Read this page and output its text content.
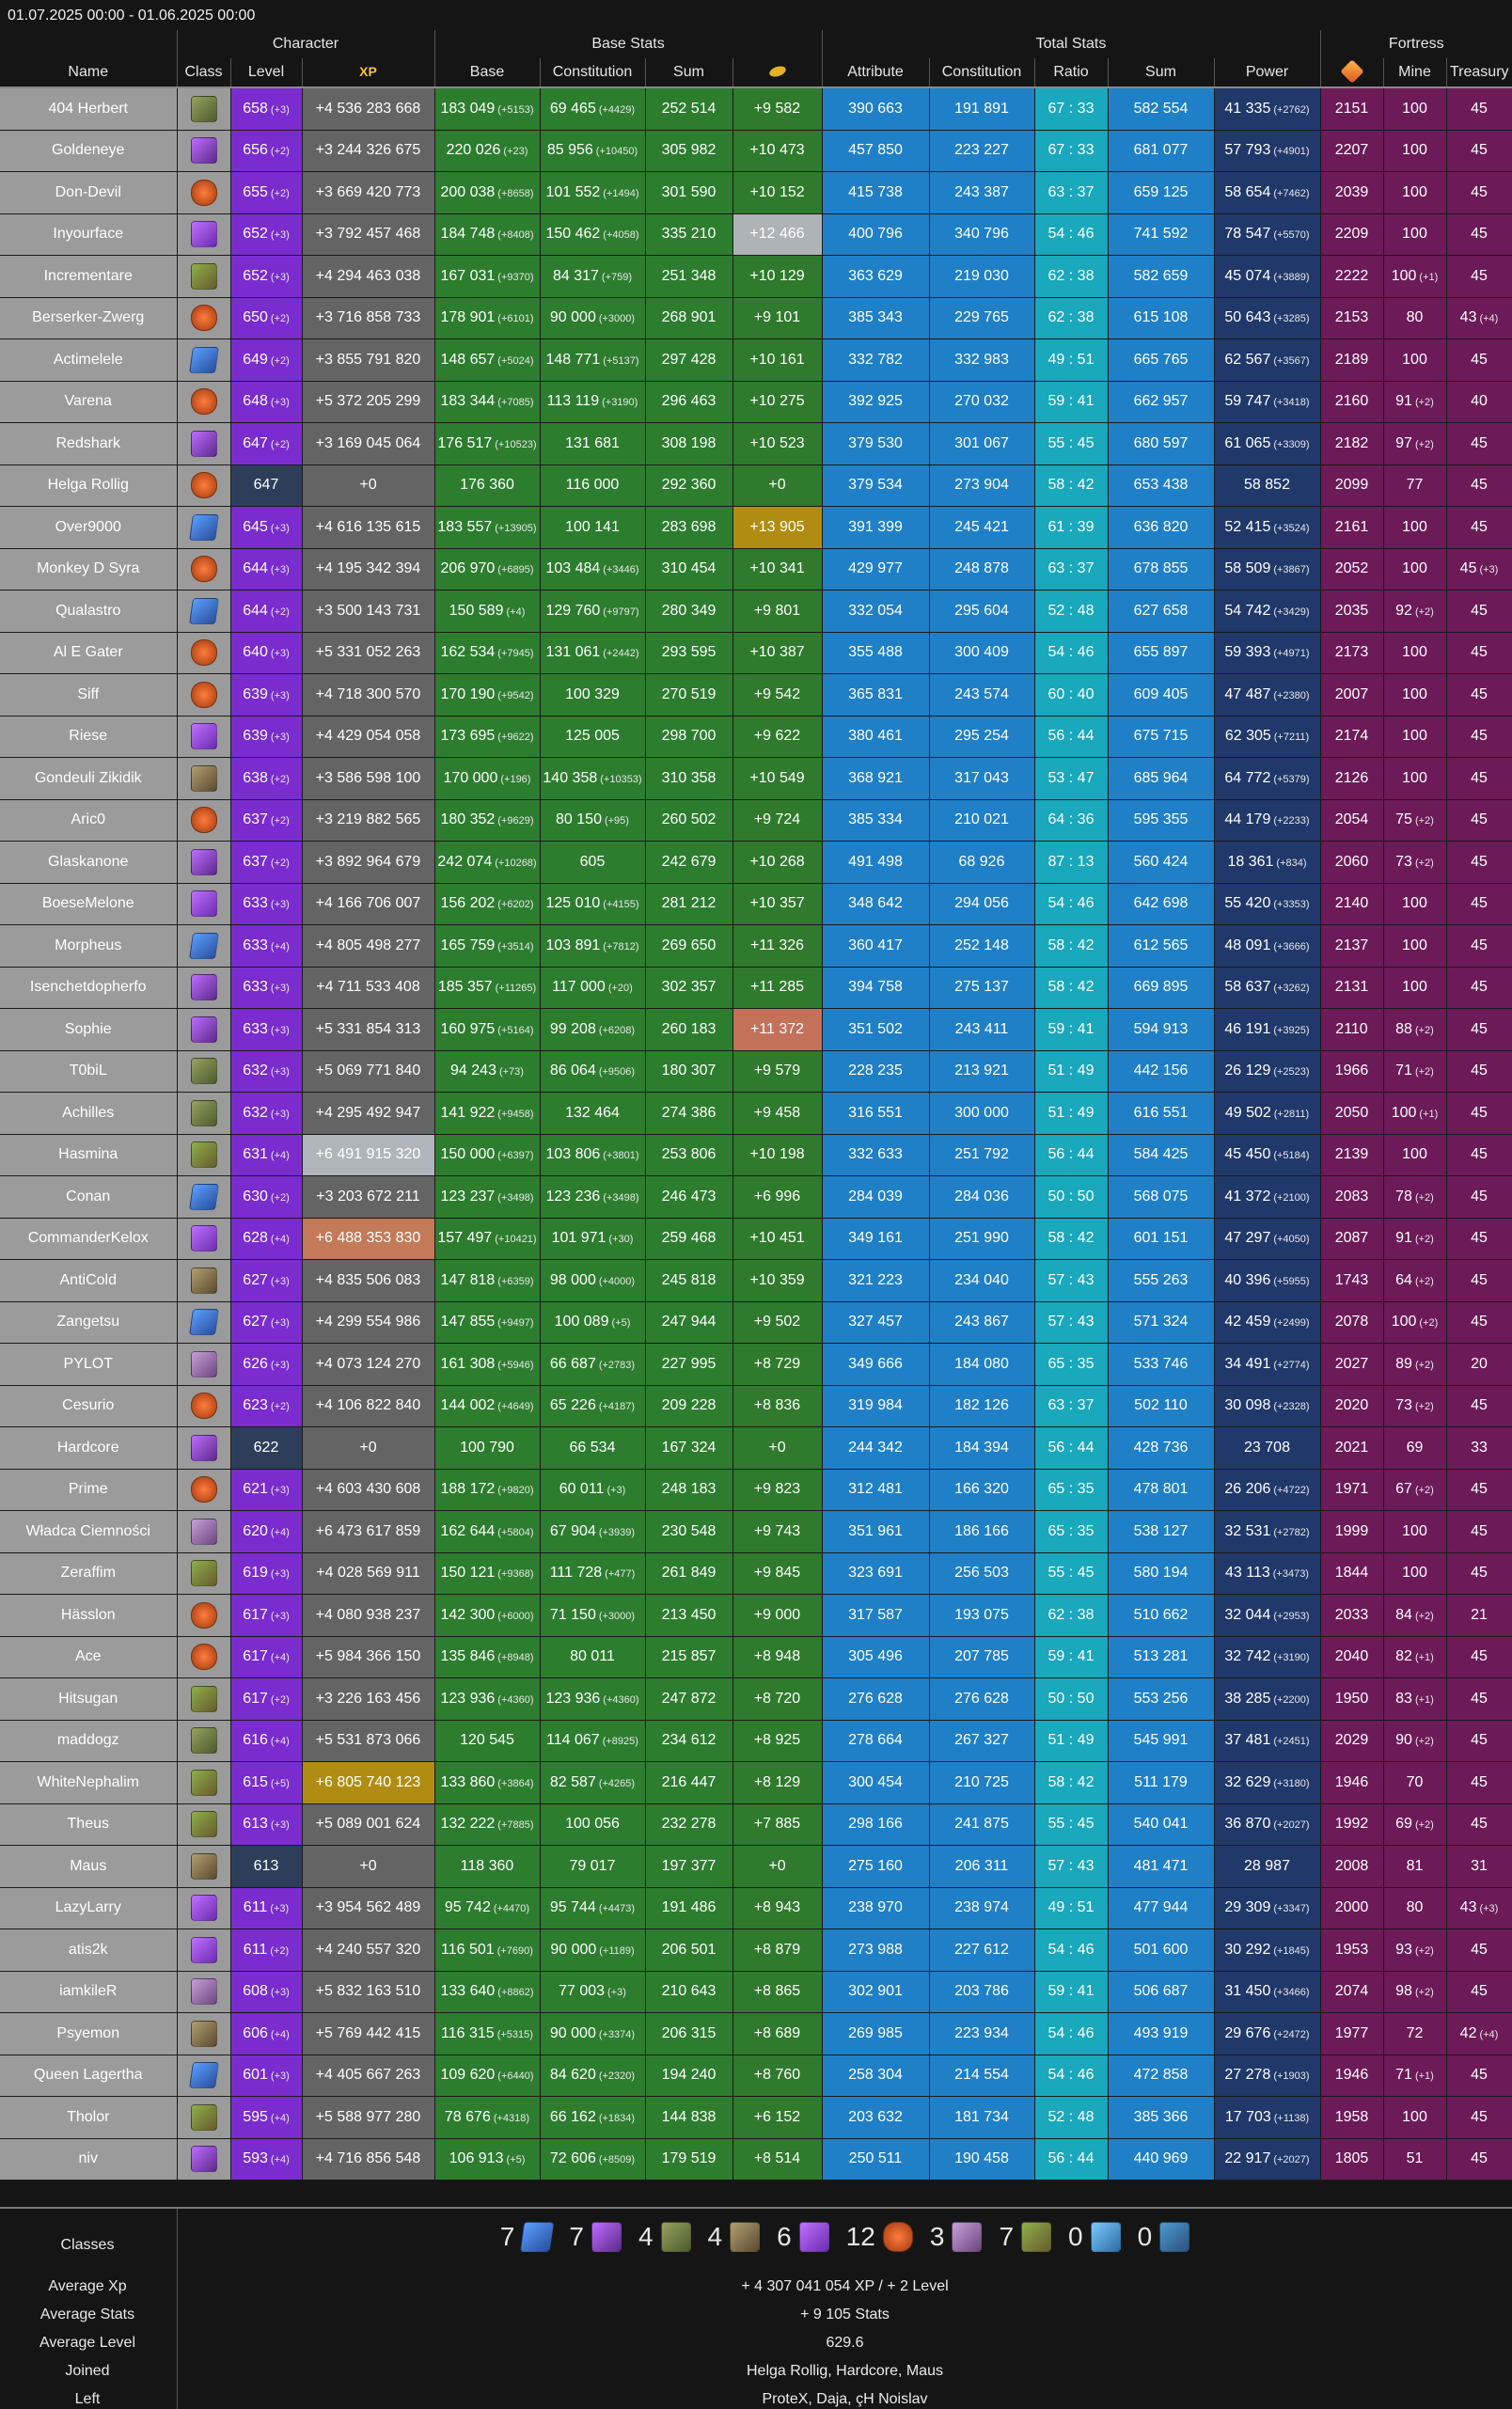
01.07.2025 00:00 - 01.06.2025 00:00
	Character			Base Stats				Total Stats					Fortress		
Name	Class	Level	XP	Base	Constitution	Sum		Attribute	Constitution	Ratio	Sum	Power		Mine	Treasury
404 Herbert		658 (+3)	+4 536 283 668	183 049 (+5153)	69 465 (+4429)	252 514	+9 582	390 663	191 891	67 : 33	582 554	41 335 (+2762)	2151	100	45
Goldeneye		656 (+2)	+3 244 326 675	220 026 (+23)	85 956 (+10450)	305 982	+10 473	457 850	223 227	67 : 33	681 077	57 793 (+4901)	2207	100	45
Don-Devil		655 (+2)	+3 669 420 773	200 038 (+8658)	101 552 (+1494)	301 590	+10 152	415 738	243 387	63 : 37	659 125	58 654 (+7462)	2039	100	45
Inyourface		652 (+3)	+3 792 457 468	184 748 (+8408)	150 462 (+4058)	335 210	+12 466	400 796	340 796	54 : 46	741 592	78 547 (+5570)	2209	100	45
Incrementare		652 (+3)	+4 294 463 038	167 031 (+9370)	84 317 (+759)	251 348	+10 129	363 629	219 030	62 : 38	582 659	45 074 (+3889)	2222	100 (+1)	45
Berserker-Zwerg		650 (+2)	+3 716 858 733	178 901 (+6101)	90 000 (+3000)	268 901	+9 101	385 343	229 765	62 : 38	615 108	50 643 (+3285)	2153	80	43 (+4)
Actimelele		649 (+2)	+3 855 791 820	148 657 (+5024)	148 771 (+5137)	297 428	+10 161	332 782	332 983	49 : 51	665 765	62 567 (+3567)	2189	100	45
Varena		648 (+3)	+5 372 205 299	183 344 (+7085)	113 119 (+3190)	296 463	+10 275	392 925	270 032	59 : 41	662 957	59 747 (+3418)	2160	91 (+2)	40
Redshark		647 (+2)	+3 169 045 064	176 517 (+10523)	131 681	308 198	+10 523	379 530	301 067	55 : 45	680 597	61 065 (+3309)	2182	97 (+2)	45
Helga Rollig		647	+0	176 360	116 000	292 360	+0	379 534	273 904	58 : 42	653 438	58 852	2099	77	45
Over9000		645 (+3)	+4 616 135 615	183 557 (+13905)	100 141	283 698	+13 905	391 399	245 421	61 : 39	636 820	52 415 (+3524)	2161	100	45
Monkey D Syra		644 (+3)	+4 195 342 394	206 970 (+6895)	103 484 (+3446)	310 454	+10 341	429 977	248 878	63 : 37	678 855	58 509 (+3867)	2052	100	45 (+3)
Qualastro		644 (+2)	+3 500 143 731	150 589 (+4)	129 760 (+9797)	280 349	+9 801	332 054	295 604	52 : 48	627 658	54 742 (+3429)	2035	92 (+2)	45
Al E Gater		640 (+3)	+5 331 052 263	162 534 (+7945)	131 061 (+2442)	293 595	+10 387	355 488	300 409	54 : 46	655 897	59 393 (+4971)	2173	100	45
Siff		639 (+3)	+4 718 300 570	170 190 (+9542)	100 329	270 519	+9 542	365 831	243 574	60 : 40	609 405	47 487 (+2380)	2007	100	45
Riese		639 (+3)	+4 429 054 058	173 695 (+9622)	125 005	298 700	+9 622	380 461	295 254	56 : 44	675 715	62 305 (+7211)	2174	100	45
Gondeuli Zikidik		638 (+2)	+3 586 598 100	170 000 (+196)	140 358 (+10353)	310 358	+10 549	368 921	317 043	53 : 47	685 964	64 772 (+5379)	2126	100	45
Aric0		637 (+2)	+3 219 882 565	180 352 (+9629)	80 150 (+95)	260 502	+9 724	385 334	210 021	64 : 36	595 355	44 179 (+2233)	2054	75 (+2)	45
Glaskanone		637 (+2)	+3 892 964 679	242 074 (+10268)	605	242 679	+10 268	491 498	68 926	87 : 13	560 424	18 361 (+834)	2060	73 (+2)	45
BoeseMelone		633 (+3)	+4 166 706 007	156 202 (+6202)	125 010 (+4155)	281 212	+10 357	348 642	294 056	54 : 46	642 698	55 420 (+3353)	2140	100	45
Morpheus		633 (+4)	+4 805 498 277	165 759 (+3514)	103 891 (+7812)	269 650	+11 326	360 417	252 148	58 : 42	612 565	48 091 (+3666)	2137	100	45
Isenchetdopherfo		633 (+3)	+4 711 533 408	185 357 (+11265)	117 000 (+20)	302 357	+11 285	394 758	275 137	58 : 42	669 895	58 637 (+3262)	2131	100	45
Sophie		633 (+3)	+5 331 854 313	160 975 (+5164)	99 208 (+6208)	260 183	+11 372	351 502	243 411	59 : 41	594 913	46 191 (+3925)	2110	88 (+2)	45
T0biL		632 (+3)	+5 069 771 840	94 243 (+73)	86 064 (+9506)	180 307	+9 579	228 235	213 921	51 : 49	442 156	26 129 (+2523)	1966	71 (+2)	45
Achilles		632 (+3)	+4 295 492 947	141 922 (+9458)	132 464	274 386	+9 458	316 551	300 000	51 : 49	616 551	49 502 (+2811)	2050	100 (+1)	45
Hasmina		631 (+4)	+6 491 915 320	150 000 (+6397)	103 806 (+3801)	253 806	+10 198	332 633	251 792	56 : 44	584 425	45 450 (+5184)	2139	100	45
Conan		630 (+2)	+3 203 672 211	123 237 (+3498)	123 236 (+3498)	246 473	+6 996	284 039	284 036	50 : 50	568 075	41 372 (+2100)	2083	78 (+2)	45
CommanderKelox		628 (+4)	+6 488 353 830	157 497 (+10421)	101 971 (+30)	259 468	+10 451	349 161	251 990	58 : 42	601 151	47 297 (+4050)	2087	91 (+2)	45
AntiCold		627 (+3)	+4 835 506 083	147 818 (+6359)	98 000 (+4000)	245 818	+10 359	321 223	234 040	57 : 43	555 263	40 396 (+5955)	1743	64 (+2)	45
Zangetsu		627 (+3)	+4 299 554 986	147 855 (+9497)	100 089 (+5)	247 944	+9 502	327 457	243 867	57 : 43	571 324	42 459 (+2499)	2078	100 (+2)	45
PYLOT		626 (+3)	+4 073 124 270	161 308 (+5946)	66 687 (+2783)	227 995	+8 729	349 666	184 080	65 : 35	533 746	34 491 (+2774)	2027	89 (+2)	20
Cesurio		623 (+2)	+4 106 822 840	144 002 (+4649)	65 226 (+4187)	209 228	+8 836	319 984	182 126	63 : 37	502 110	30 098 (+2328)	2020	73 (+2)	45
Hardcore		622	+0	100 790	66 534	167 324	+0	244 342	184 394	56 : 44	428 736	23 708	2021	69	33
Prime		621 (+3)	+4 603 430 608	188 172 (+9820)	60 011 (+3)	248 183	+9 823	312 481	166 320	65 : 35	478 801	26 206 (+4722)	1971	67 (+2)	45
Władca Ciemności		620 (+4)	+6 473 617 859	162 644 (+5804)	67 904 (+3939)	230 548	+9 743	351 961	186 166	65 : 35	538 127	32 531 (+2782)	1999	100	45
Zeraffim		619 (+3)	+4 028 569 911	150 121 (+9368)	111 728 (+477)	261 849	+9 845	323 691	256 503	55 : 45	580 194	43 113 (+3473)	1844	100	45
Hässlon		617 (+3)	+4 080 938 237	142 300 (+6000)	71 150 (+3000)	213 450	+9 000	317 587	193 075	62 : 38	510 662	32 044 (+2953)	2033	84 (+2)	21
Ace		617 (+4)	+5 984 366 150	135 846 (+8948)	80 011	215 857	+8 948	305 496	207 785	59 : 41	513 281	32 742 (+3190)	2040	82 (+1)	45
Hitsugan		617 (+2)	+3 226 163 456	123 936 (+4360)	123 936 (+4360)	247 872	+8 720	276 628	276 628	50 : 50	553 256	38 285 (+2200)	1950	83 (+1)	45
maddogz		616 (+4)	+5 531 873 066	120 545	114 067 (+8925)	234 612	+8 925	278 664	267 327	51 : 49	545 991	37 481 (+2451)	2029	90 (+2)	45
WhiteNephalim		615 (+5)	+6 805 740 123	133 860 (+3864)	82 587 (+4265)	216 447	+8 129	300 454	210 725	58 : 42	511 179	32 629 (+3180)	1946	70	45
Theus		613 (+3)	+5 089 001 624	132 222 (+7885)	100 056	232 278	+7 885	298 166	241 875	55 : 45	540 041	36 870 (+2027)	1992	69 (+2)	45
Maus		613	+0	118 360	79 017	197 377	+0	275 160	206 311	57 : 43	481 471	28 987	2008	81	31
LazyLarry		611 (+3)	+3 954 562 489	95 742 (+4470)	95 744 (+4473)	191 486	+8 943	238 970	238 974	49 : 51	477 944	29 309 (+3347)	2000	80	43 (+3)
atis2k		611 (+2)	+4 240 557 320	116 501 (+7690)	90 000 (+1189)	206 501	+8 879	273 988	227 612	54 : 46	501 600	30 292 (+1845)	1953	93 (+2)	45
iamkileR		608 (+3)	+5 832 163 510	133 640 (+8862)	77 003 (+3)	210 643	+8 865	302 901	203 786	59 : 41	506 687	31 450 (+3466)	2074	98 (+2)	45
Psyemon		606 (+4)	+5 769 442 415	116 315 (+5315)	90 000 (+3374)	206 315	+8 689	269 985	223 934	54 : 46	493 919	29 676 (+2472)	1977	72	42 (+4)
Queen Lagertha		601 (+3)	+4 405 667 263	109 620 (+6440)	84 620 (+2320)	194 240	+8 760	258 304	214 554	54 : 46	472 858	27 278 (+1903)	1946	71 (+1)	45
Tholor		595 (+4)	+5 588 977 280	78 676 (+4318)	66 162 (+1834)	144 838	+6 152	203 632	181 734	52 : 48	385 366	17 703 (+1138)	1958	100	45
niv		593 (+4)	+4 716 856 548	106 913 (+5)	72 606 (+8509)	179 519	+8 514	250 511	190 458	56 : 44	440 969	22 917 (+2027)	1805	51	45
Classes	7 7 4 4 6 12 3 7 0 0
Average Xp	+ 4 307 041 054 XP / + 2 Level
Average Stats	+ 9 105 Stats
Average Level	629.6
Joined	Helga Rollig, Hardcore, Maus
Left	ProteX, Daja, çH Noislav
